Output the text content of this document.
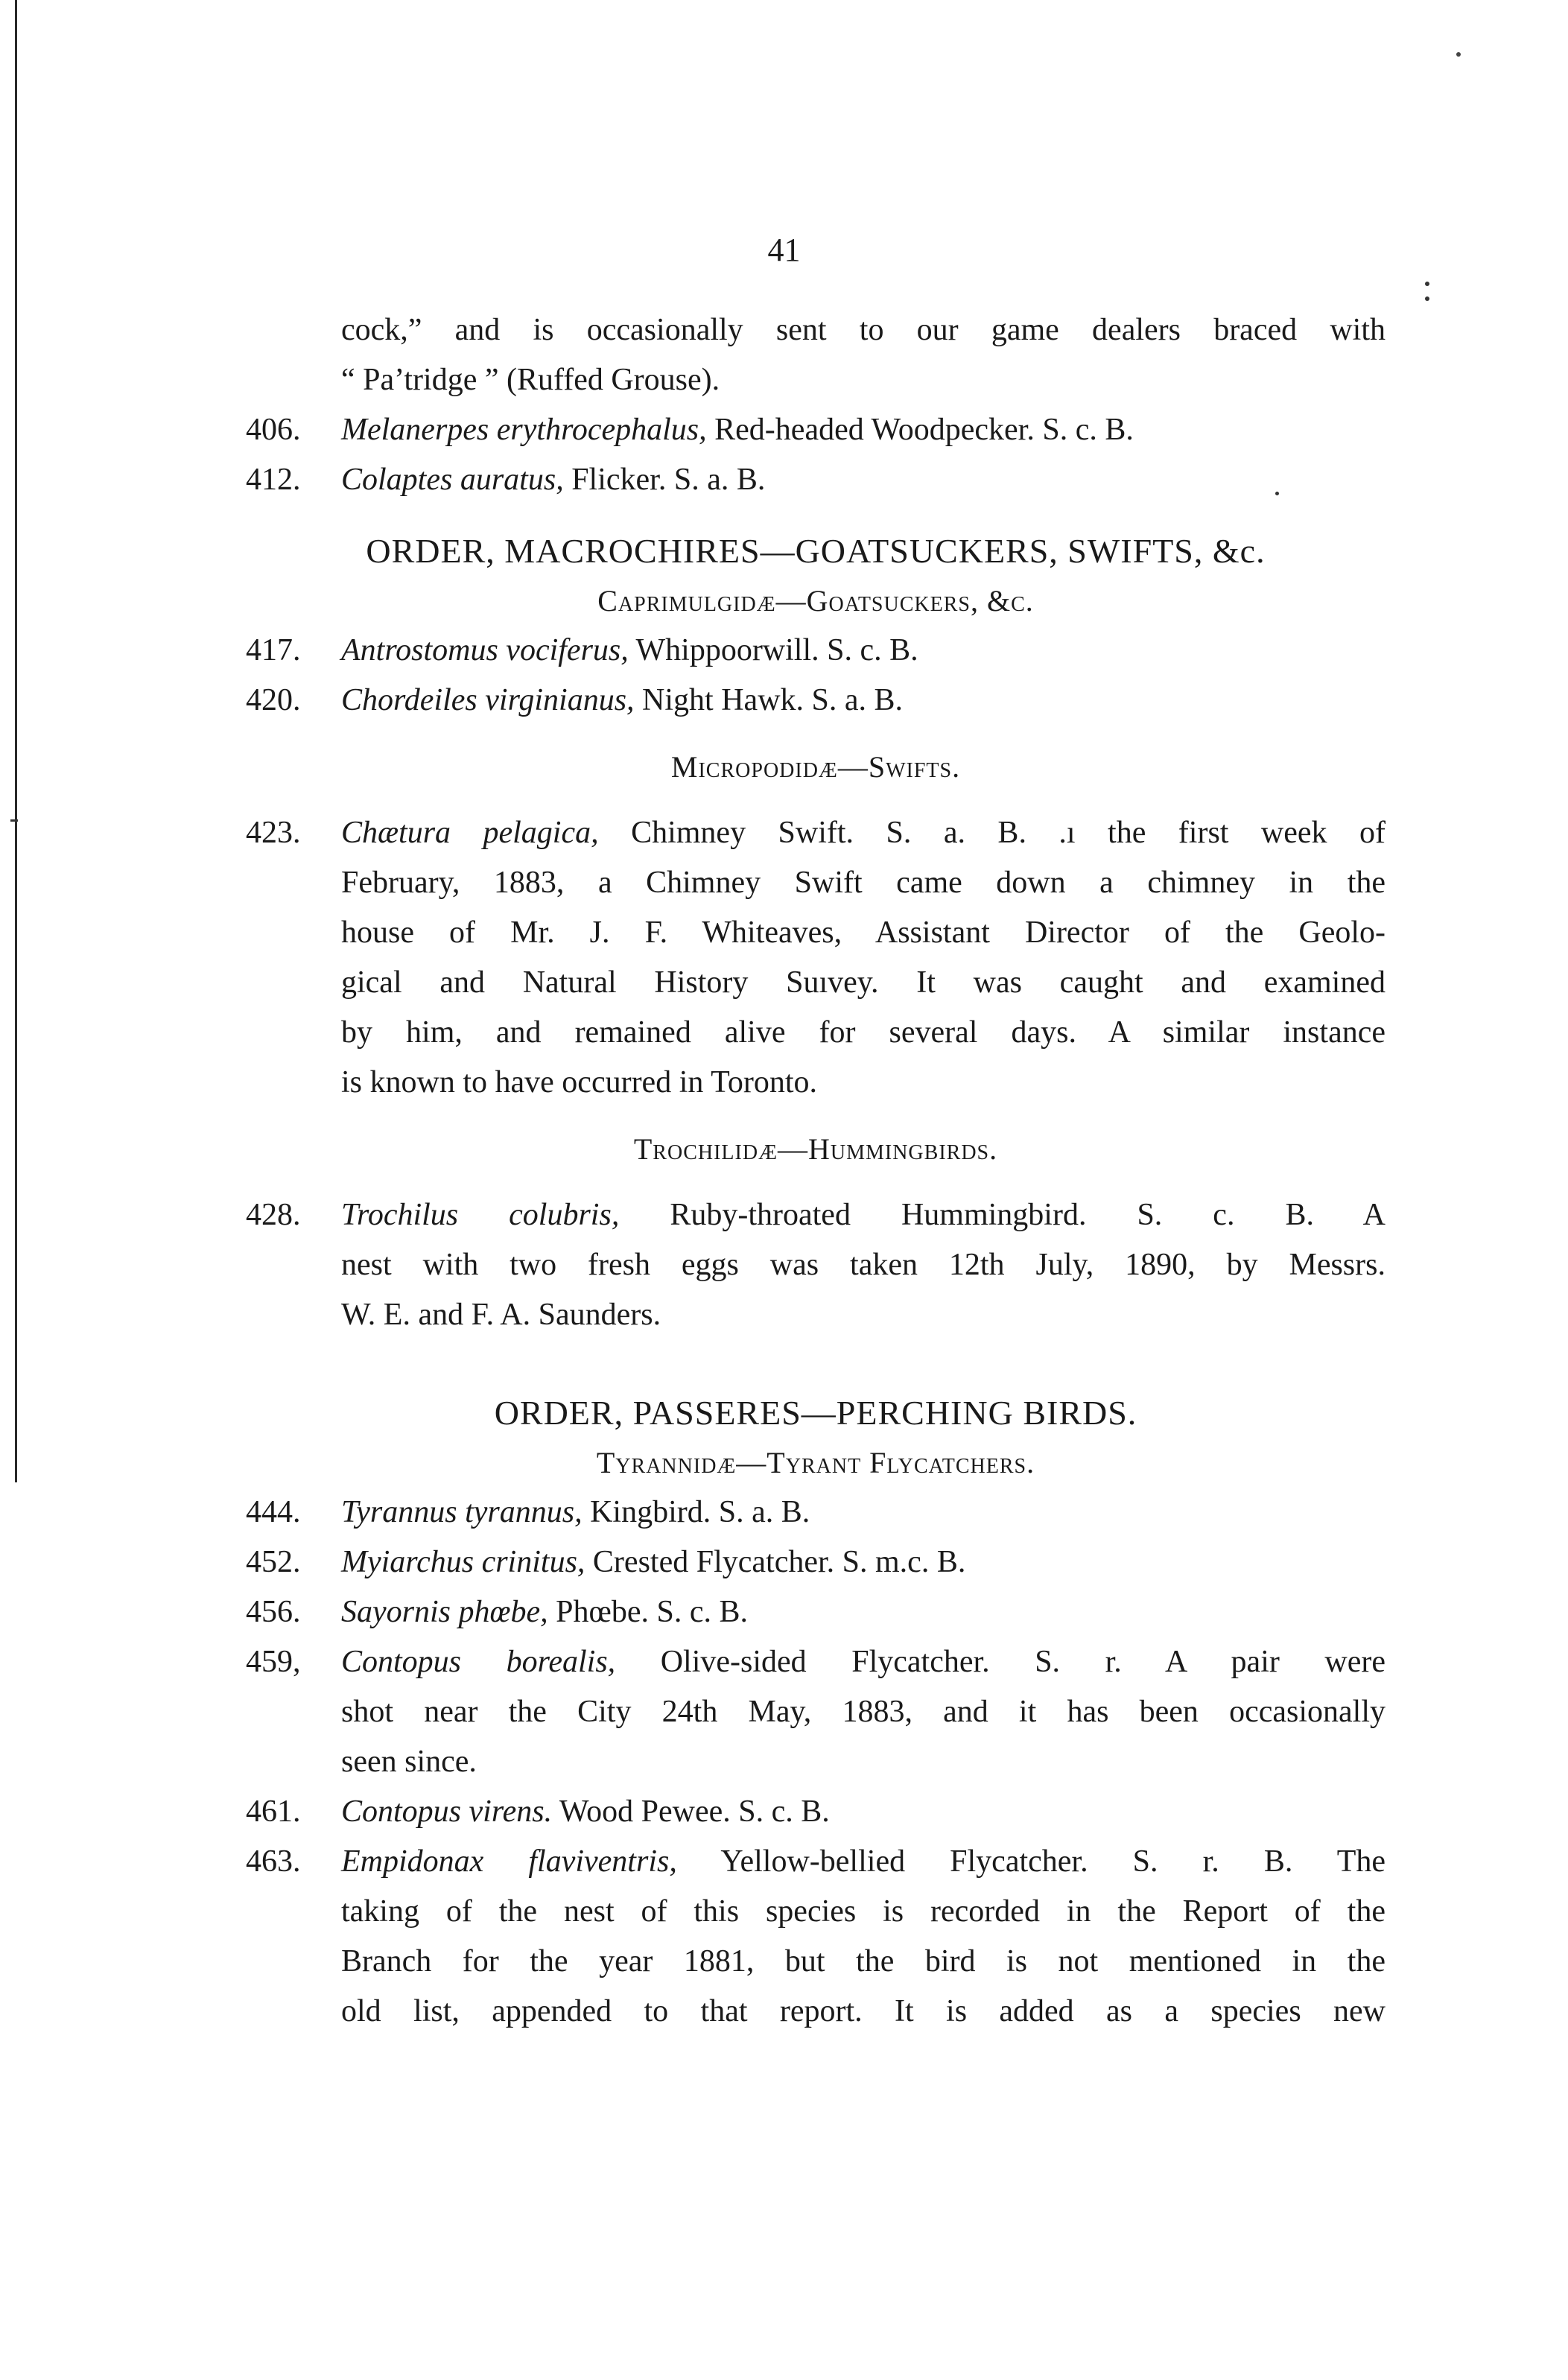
41
cock,” and is occasionally sent to our game dealers braced with
“ Pa’tridge ” (Ruffed Grouse).
406. Melanerpes erythrocephalus, Red-headed Woodpecker. S. c. B.
412. Colaptes auratus, Flicker. S. a. B.
ORDER, MACROCHIRES—GOATSUCKERS, SWIFTS, &c.
Caprimulgidæ—Goatsuckers, &c.
417. Antrostomus vociferus, Whippoorwill. S. c. B.
420. Chordeiles virginianus, Night Hawk. S. a. B.
Micropodidæ—Swifts.
423. Chætura pelagica, Chimney Swift. S. a. B. .ı the first week of
February, 1883, a Chimney Swift came down a chimney in the
house of Mr. J. F. Whiteaves, Assistant Director of the Geolo-
gical and Natural History Suıvey. It was caught and examined
by him, and remained alive for several days. A similar instance
is known to have occurred in Toronto.
Trochilidæ—Hummingbirds.
428. Trochilus colubris, Ruby-throated Hummingbird. S. c. B. A
nest with two fresh eggs was taken 12th July, 1890, by Messrs.
W. E. and F. A. Saunders.
ORDER, PASSERES—PERCHING BIRDS.
Tyrannidæ—Tyrant Flycatchers.
444. Tyrannus tyrannus, Kingbird. S. a. B.
452. Myiarchus crinitus, Crested Flycatcher. S. m.c. B.
456. Sayornis phœbe, Phœbe. S. c. B.
459, Contopus borealis, Olive-sided Flycatcher. S. r. A pair were
shot near the City 24th May, 1883, and it has been occasionally
seen since.
461. Contopus virens. Wood Pewee. S. c. B.
463. Empidonax flaviventris, Yellow-bellied Flycatcher. S. r. B. The
taking of the nest of this species is recorded in the Report of the
Branch for the year 1881, but the bird is not mentioned in the
old list, appended to that report. It is added as a species new
